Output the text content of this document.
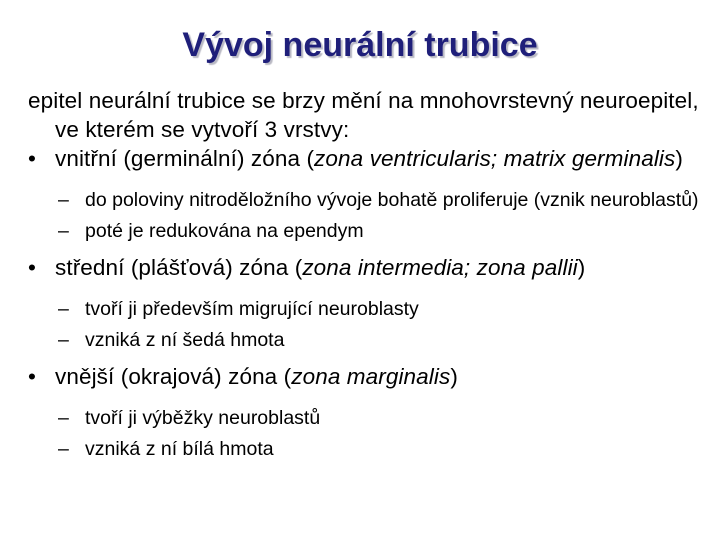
Vývoj neurální trubice

epitel neurální trubice se brzy mění na mnohovrstevný neuroepitel, ve kterém se vytvoří 3 vrstvy:

• vnitřní (germinální) zóna (zona ventricularis; matrix germinalis)

– do poloviny nitroděložního vývoje bohatě proliferuje (vznik neuroblastů)

– poté je redukována na ependym

• střední (plášťová) zóna (zona intermedia; zona pallii)

– tvoří ji především migrující neuroblasty

– vzniká z ní šedá hmota

• vnější (okrajová) zóna (zona marginalis)

– tvoří ji výběžky neuroblastů

– vzniká z ní bílá hmota
